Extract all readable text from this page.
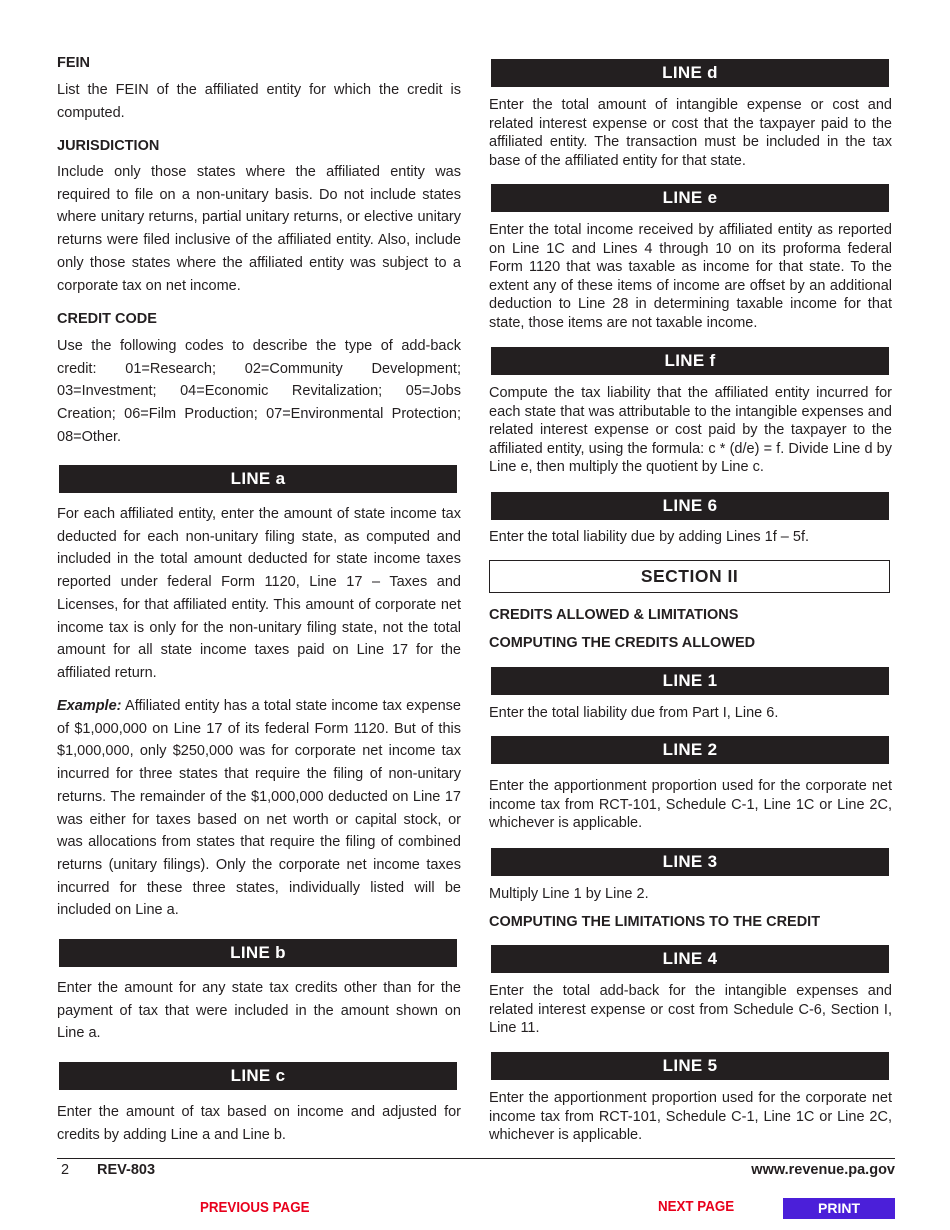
FEIN
List the FEIN of the affiliated entity for which the credit is computed.
JURISDICTION
Include only those states where the affiliated entity was required to file on a non-unitary basis. Do not include states where unitary returns, partial unitary returns, or elective unitary returns were filed inclusive of the affiliated entity. Also, include only those states where the affiliated entity was subject to a corporate tax on net income.
CREDIT CODE
Use the following codes to describe the type of add-back credit: 01=Research; 02=Community Development; 03=Investment; 04=Economic Revitalization; 05=Jobs Creation; 06=Film Production; 07=Environmental Protection; 08=Other.
LINE a
For each affiliated entity, enter the amount of state income tax deducted for each non-unitary filing state, as computed and included in the total amount deducted for state income taxes reported under federal Form 1120, Line 17 – Taxes and Licenses, for that affiliated entity. This amount of corporate net income tax is only for the non-unitary filing state, not the total amount for all state income taxes paid on Line 17 for the affiliated return.
Example: Affiliated entity has a total state income tax expense of $1,000,000 on Line 17 of its federal Form 1120. But of this $1,000,000, only $250,000 was for corporate net income tax incurred for three states that require the filing of non-unitary returns. The remainder of the $1,000,000 deducted on Line 17 was either for taxes based on net worth or capital stock, or was allocations from states that require the filing of combined returns (unitary filings). Only the corporate net income taxes incurred for these three states, individually listed will be included on Line a.
LINE b
Enter the amount for any state tax credits other than for the payment of tax that were included in the amount shown on Line a.
LINE c
Enter the amount of tax based on income and adjusted for credits by adding Line a and Line b.
LINE d
Enter the total amount of intangible expense or cost and related interest expense or cost that the taxpayer paid to the affiliated entity. The transaction must be included in the tax base of the affiliated entity for that state.
LINE e
Enter the total income received by affiliated entity as reported on Line 1C and Lines 4 through 10 on its proforma federal Form 1120 that was taxable as income for that state. To the extent any of these items of income are offset by an additional deduction to Line 28 in determining taxable income for that state, those items are not taxable income.
LINE f
Compute the tax liability that the affiliated entity incurred for each state that was attributable to the intangible expenses and related interest expense or cost paid by the taxpayer to the affiliated entity, using the formula: c * (d/e) = f. Divide Line d by Line e, then multiply the quotient by Line c.
LINE 6
Enter the total liability due by adding Lines 1f – 5f.
SECTION II
CREDITS ALLOWED & LIMITATIONS
COMPUTING THE CREDITS ALLOWED
LINE 1
Enter the total liability due from Part I, Line 6.
LINE 2
Enter the apportionment proportion used for the corporate net income tax from RCT-101, Schedule C-1, Line 1C or Line 2C, whichever is applicable.
LINE 3
Multiply Line 1 by Line 2.
COMPUTING THE LIMITATIONS TO THE CREDIT
LINE 4
Enter the total add-back for the intangible expenses and related interest expense or cost from Schedule C-6, Section I, Line 11.
LINE 5
Enter the apportionment proportion used for the corporate net income tax from RCT-101, Schedule C-1, Line 1C or Line 2C, whichever is applicable.
2 REV-803	www.revenue.pa.gov
PREVIOUS PAGE	NEXT PAGE	PRINT
